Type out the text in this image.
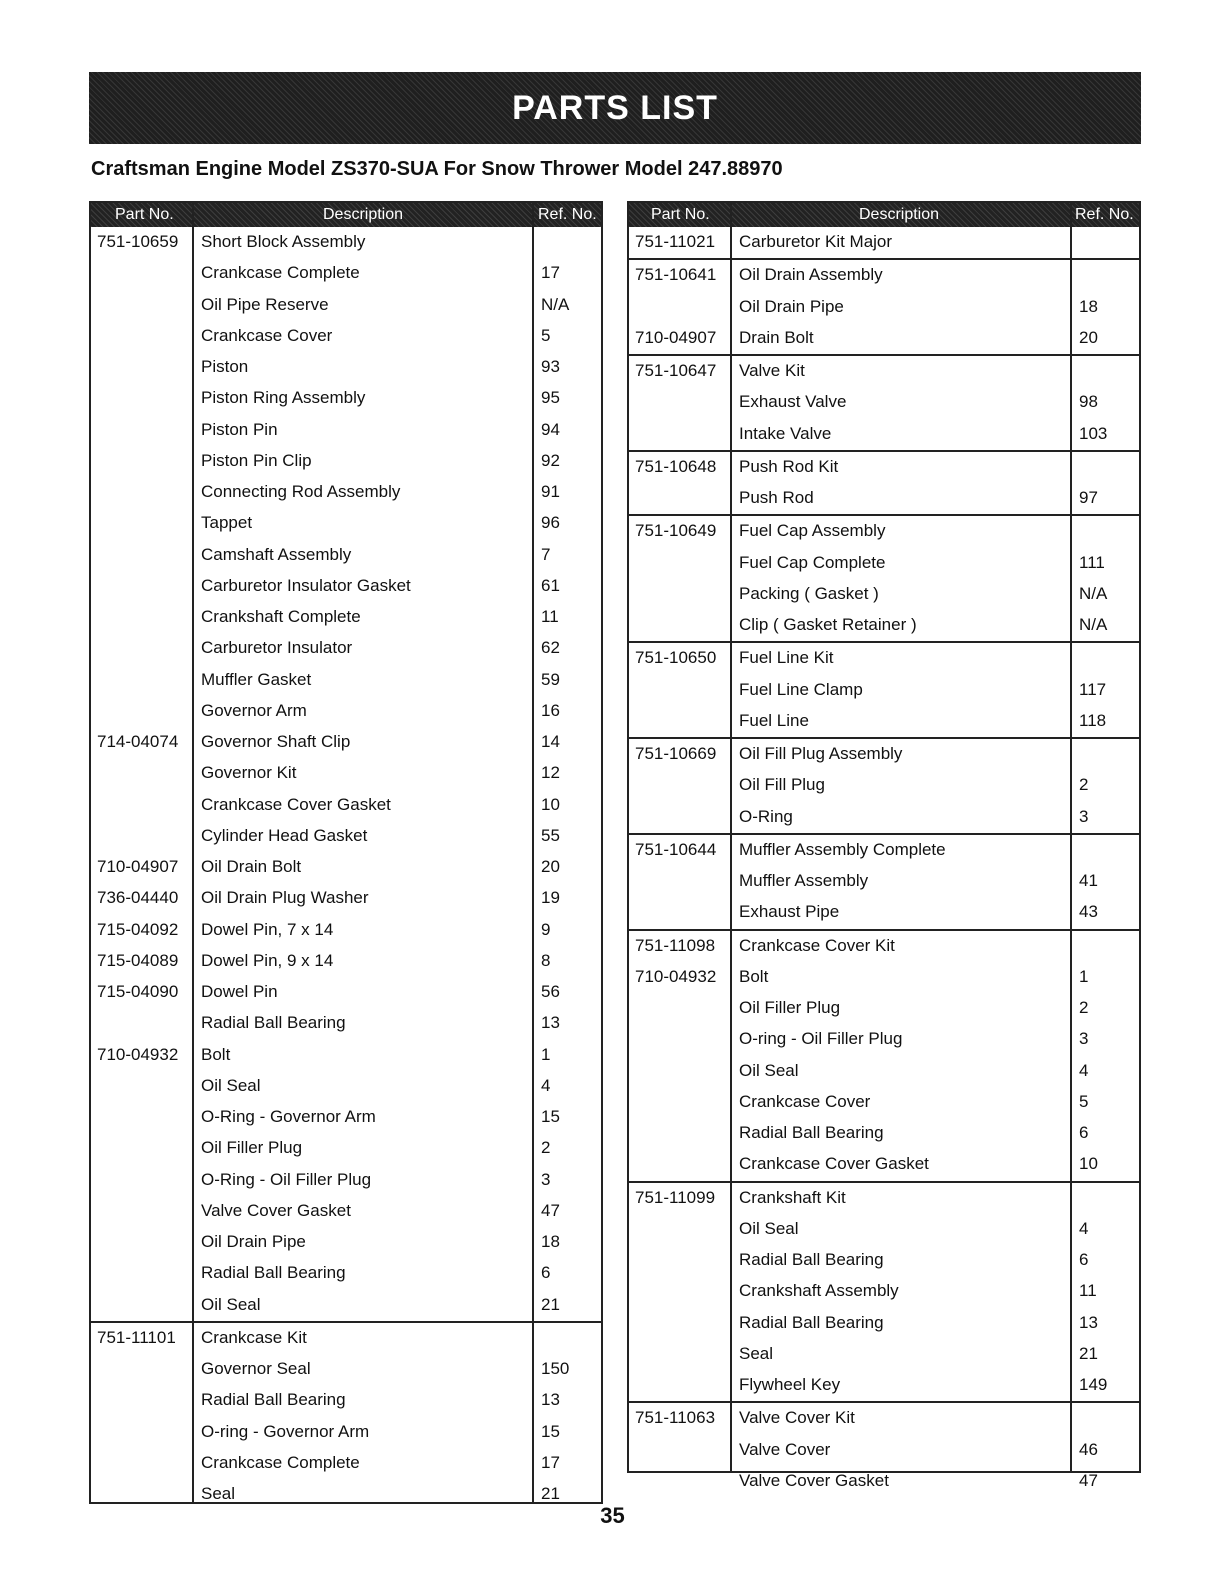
PARTS LIST
Craftsman Engine Model ZS370-SUA For Snow Thrower Model 247.88970
Part No.	Description	Ref. No.
751-10659 Short Block Assembly
Crankcase Complete	17
Oil Pipe Reserve	N/A
Crankcase Cover	5
Piston	93
Piston Ring Assembly	95
Piston Pin	94
Piston Pin Clip	92
Connecting Rod Assembly	91
Tappet	96
Camshaft Assembly	7
Carburetor Insulator Gasket	61
Crankshaft Complete	11
Carburetor Insulator	62
Muffler Gasket	59
Governor Arm	16
714-04074 Governor Shaft Clip	14
Governor Kit	12
Crankcase Cover Gasket	10
Cylinder Head Gasket	55
710-04907 Oil Drain Bolt	20
736-04440 Oil Drain Plug Washer	19
715-04092 Dowel Pin, 7 x 14	9
715-04089 Dowel Pin, 9 x 14	8
715-04090 Dowel Pin	56
Radial Ball Bearing	13
710-04932 Bolt	1
Oil Seal	4
O-Ring - Governor Arm	15
Oil Filler Plug	2
O-Ring - Oil Filler Plug	3
Valve Cover Gasket	47
Oil Drain Pipe	18
Radial Ball Bearing	6
Oil Seal	21
751-11101 Crankcase Kit
Governor Seal	150
Radial Ball Bearing	13
O-ring - Governor Arm	15
Crankcase Complete	17
Seal	21
Part No.	Description	Ref. No.
751-11021 Carburetor Kit Major
751-10641 Oil Drain Assembly
Oil Drain Pipe	18
710-04907 Drain Bolt	20
751-10647 Valve Kit
Exhaust Valve	98
Intake Valve	103
751-10648 Push Rod Kit
Push Rod	97
751-10649 Fuel Cap Assembly
Fuel Cap Complete	111
Packing ( Gasket )	N/A
Clip ( Gasket Retainer )	N/A
751-10650 Fuel Line Kit
Fuel Line Clamp	117
Fuel Line	118
751-10669 Oil Fill Plug Assembly
Oil Fill Plug	2
O-Ring	3
751-10644 Muffler Assembly Complete
Muffler Assembly	41
Exhaust Pipe	43
751-11098 Crankcase Cover Kit
710-04932 Bolt	1
Oil Filler Plug	2
O-ring - Oil Filler Plug	3
Oil Seal	4
Crankcase Cover	5
Radial Ball Bearing	6
Crankcase Cover Gasket	10
751-11099 Crankshaft Kit
Oil Seal	4
Radial Ball Bearing	6
Crankshaft Assembly	11
Radial Ball Bearing	13
Seal	21
Flywheel Key	149
751-11063 Valve Cover Kit
Valve Cover	46
Valve Cover Gasket	47
35
